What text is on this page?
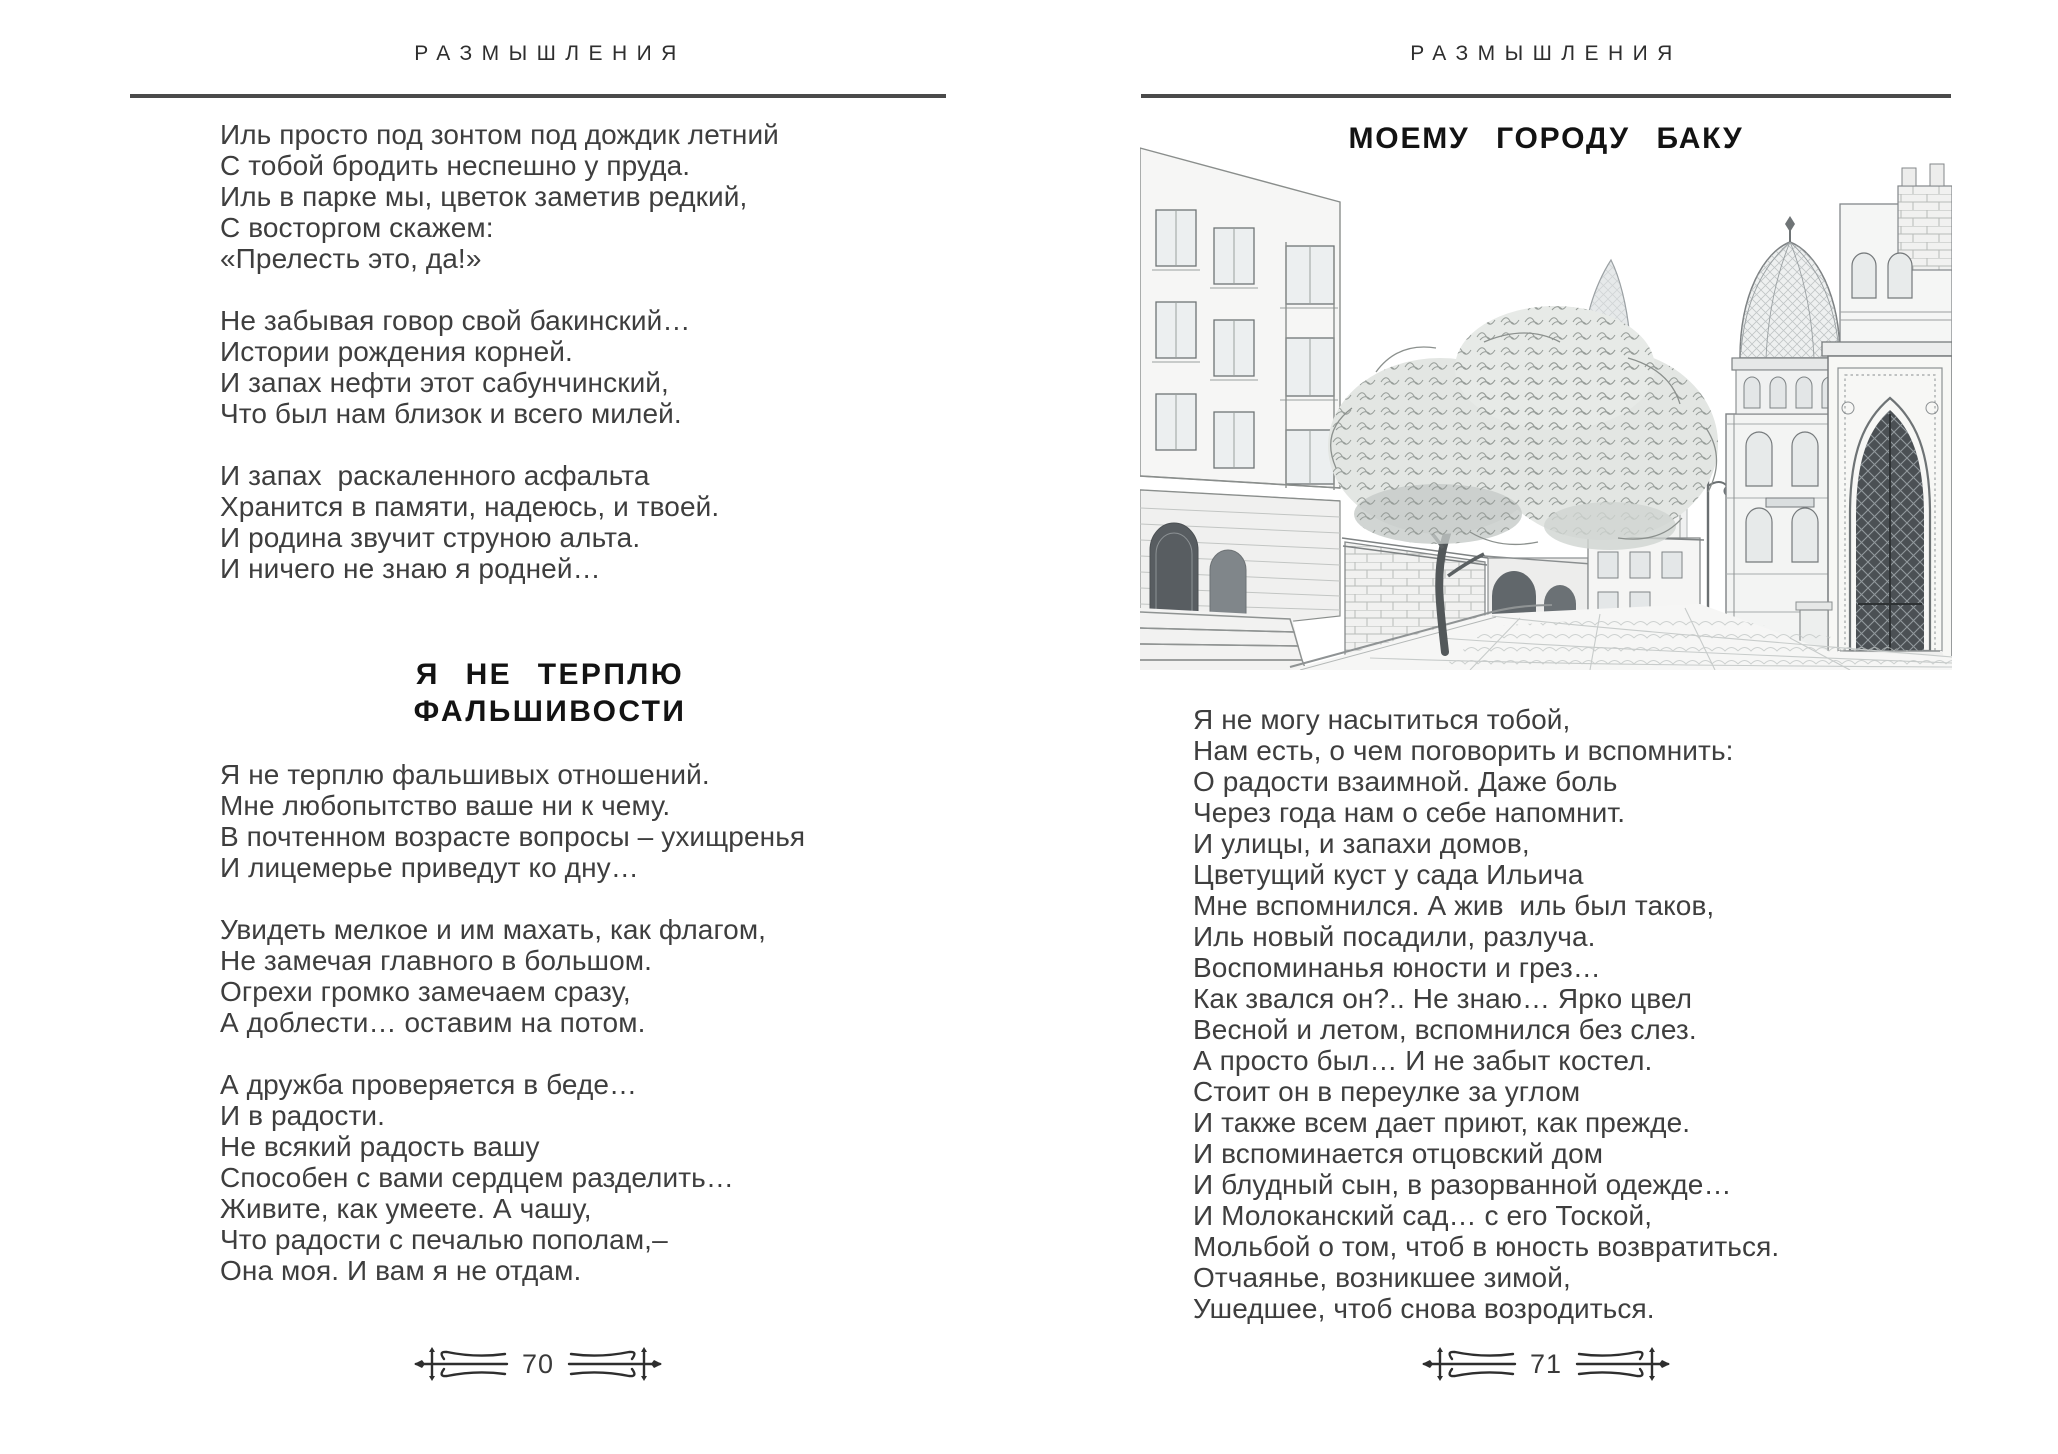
РАЗМЫШЛЕНИЯ
Иль просто под зонтом под дождик летний
С тобой бродить неспешно у пруда.
Иль в парке мы, цветок заметив редкий,
С восторгом скажем:
«Прелесть это, да!»
Не забывая говор свой бакинский…
Истории рождения корней.
И запах нефти этот сабунчинский,
Что был нам близок и всего милей.
И запах  раскаленного асфальта
Хранится в памяти, надеюсь, и твоей.
И родина звучит струною альта.
И ничего не знаю я родней…
Я НЕ ТЕРПЛЮ
ФАЛЬШИВОСТИ
Я не терплю фальшивых отношений.
Мне любопытство ваше ни к чему.
В почтенном возрасте вопросы – ухищренья
И лицемерье приведут ко дну…
Увидеть мелкое и им махать, как флагом,
Не замечая главного в большом.
Огрехи громко замечаем сразу,
А доблести… оставим на потом.
А дружба проверяется в беде…
И в радости.
Не всякий радость вашу
Способен с вами сердцем разделить…
Живите, как умеете. А чашу,
Что радости с печалью пополам,–
Она моя. И вам я не отдам.
70
РАЗМЫШЛЕНИЯ
МОЕМУ ГОРОДУ БАКУ
Я не могу насытиться тобой,
Нам есть, о чем поговорить и вспомнить:
О радости взаимной. Даже боль
Через года нам о себе напомнит.
И улицы, и запахи домов,
Цветущий куст у сада Ильича
Мне вспомнился. А жив  иль был таков,
Иль новый посадили, разлуча.
Воспоминанья юности и грез…
Как звался он?.. Не знаю… Ярко цвел
Весной и летом, вспомнился без слез.
А просто был… И не забыт костел.
Стоит он в переулке за углом
И также всем дает приют, как прежде.
И вспоминается отцовский дом
И блудный сын, в разорванной одежде…
И Молоканский сад… с его Тоской,
Мольбой о том, чтоб в юность возвратиться.
Отчаянье, возникшее зимой,
Ушедшее, чтоб снова возродиться.
71
